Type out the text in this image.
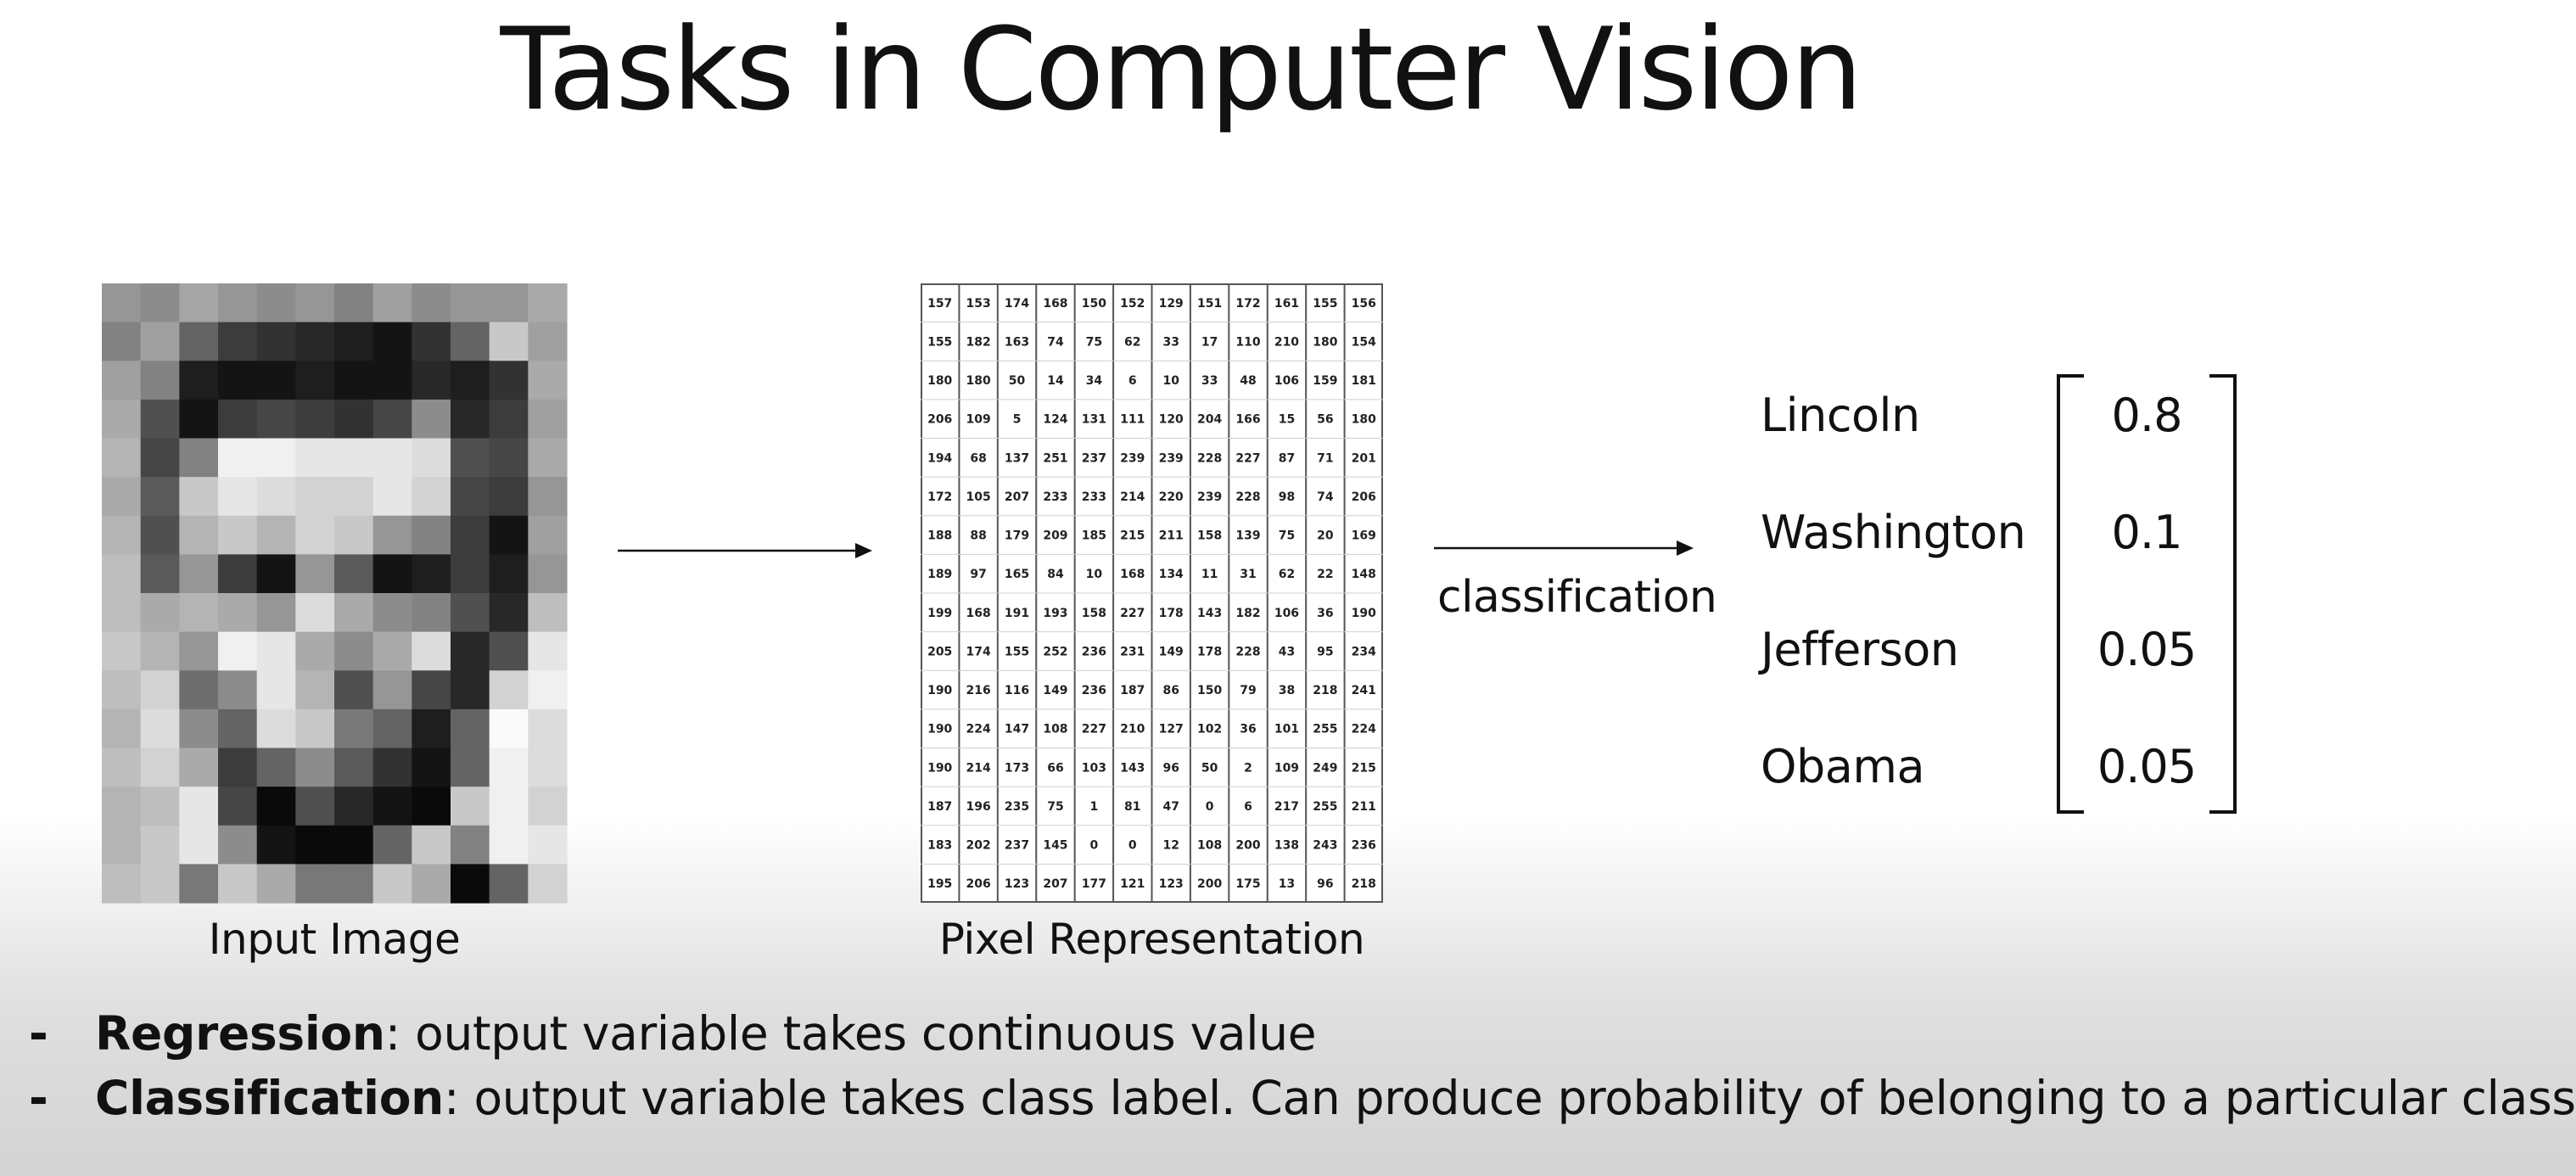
Tasks in Computer Vision
Input Image
157 153 174 168 150 152 129 151 172 161 155 156
155 182 163 74 75 62 33 17 110 210 180 154
180 180 50 14 34 6 10 33 48 106 159 181
206 109 5 124 131 111 120 204 166 15 56 180
194 68 137 251 237 239 239 228 227 87 71 201
172 105 207 233 233 214 220 239 228 98 74 206
188 88 179 209 185 215 211 158 139 75 20 169
189 97 165 84 10 168 134 11 31 62 22 148
199 168 191 193 158 227 178 143 182 106 36 190
205 174 155 252 236 231 149 178 228 43 95 234
190 216 116 149 236 187 86 150 79 38 218 241
190 224 147 108 227 210 127 102 36 101 255 224
190 214 173 66 103 143 96 50 2 109 249 215
187 196 235 75 1 81 47 0	6 217 255 211
183 202 237 145 0	0 12 108 200 138 243 236
195 206 123 207 177 121 123 200 175 13 96 218
Pixel Representation
classification
Lincoln
Washington
Jefferson
Obama
0.8
0.1
0.05
0.05
- Regression: output variable takes continuous value
- Classification: output variable takes class label. Can produce probability of belonging to a particular class
